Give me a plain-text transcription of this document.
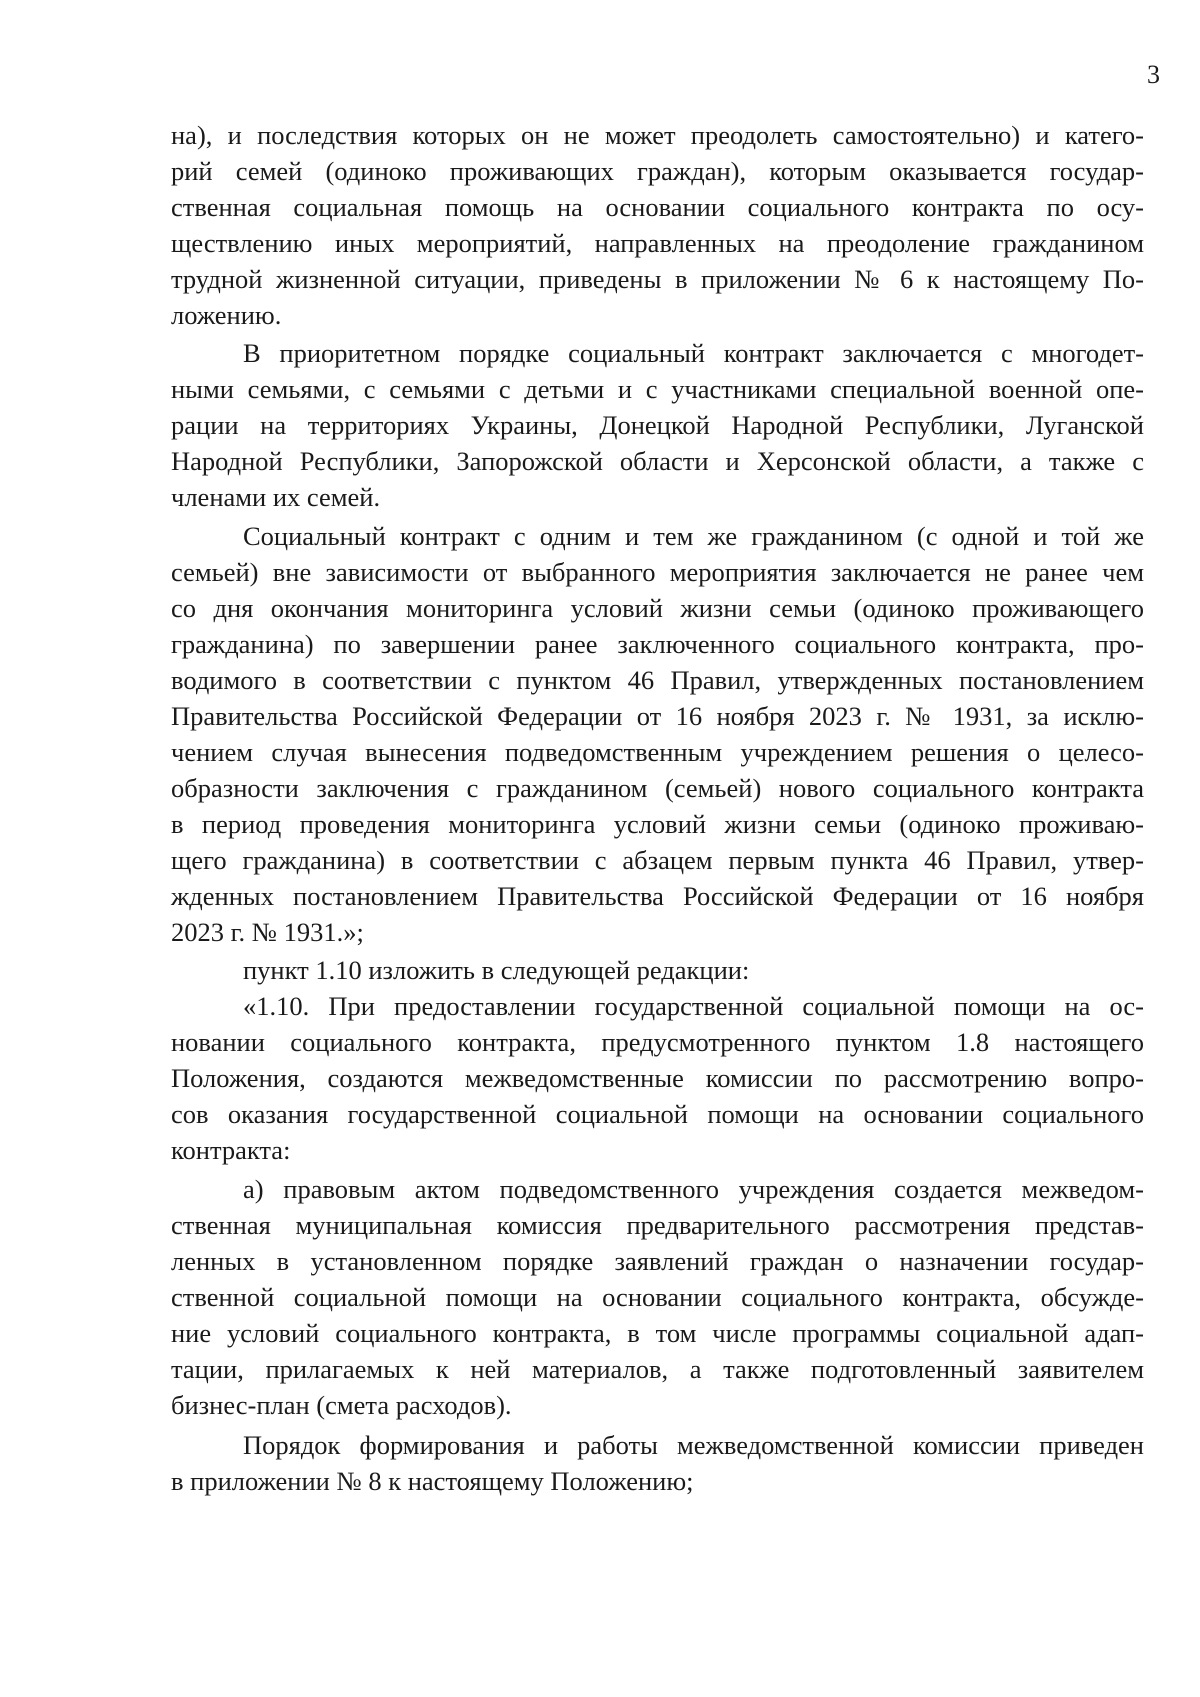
3
на), и последствия которых он не может преодолеть самостоятельно) и катего-
рий семей (одиноко проживающих граждан), которым оказывается государ-
ственная социальная помощь на основании социального контракта по осу-
ществлению иных мероприятий, направленных на преодоление гражданином
трудной жизненной ситуации, приведены в приложении № 6 к настоящему По-
ложению.
В приоритетном порядке социальный контракт заключается с многодет-
ными семьями, с семьями с детьми и с участниками специальной военной опе-
рации на территориях Украины, Донецкой Народной Республики, Луганской
Народной Республики, Запорожской области и Херсонской области, а также с
членами их семей.
Социальный контракт с одним и тем же гражданином (с одной и той же
семьей) вне зависимости от выбранного мероприятия заключается не ранее чем
со дня окончания мониторинга условий жизни семьи (одиноко проживающего
гражданина) по завершении ранее заключенного социального контракта, про-
водимого в соответствии с пунктом 46 Правил, утвержденных постановлением
Правительства Российской Федерации от 16 ноября 2023 г. № 1931, за исклю-
чением случая вынесения подведомственным учреждением решения о целесо-
образности заключения с гражданином (семьей) нового социального контракта
в период проведения мониторинга условий жизни семьи (одиноко проживаю-
щего гражданина) в соответствии с абзацем первым пункта 46 Правил, утвер-
жденных постановлением Правительства Российской Федерации от 16 ноября
2023 г. № 1931.»;
пункт 1.10 изложить в следующей редакции:
«1.10. При предоставлении государственной социальной помощи на ос-
новании социального контракта, предусмотренного пунктом 1.8 настоящего
Положения, создаются межведомственные комиссии по рассмотрению вопро-
сов оказания государственной социальной помощи на основании социального
контракта:
а) правовым актом подведомственного учреждения создается межведом-
ственная муниципальная комиссия предварительного рассмотрения представ-
ленных в установленном порядке заявлений граждан о назначении государ-
ственной социальной помощи на основании социального контракта, обсужде-
ние условий социального контракта, в том числе программы социальной адап-
тации, прилагаемых к ней материалов, а также подготовленный заявителем
бизнес-план (смета расходов).
Порядок формирования и работы межведомственной комиссии приведен
в приложении № 8 к настоящему Положению;
